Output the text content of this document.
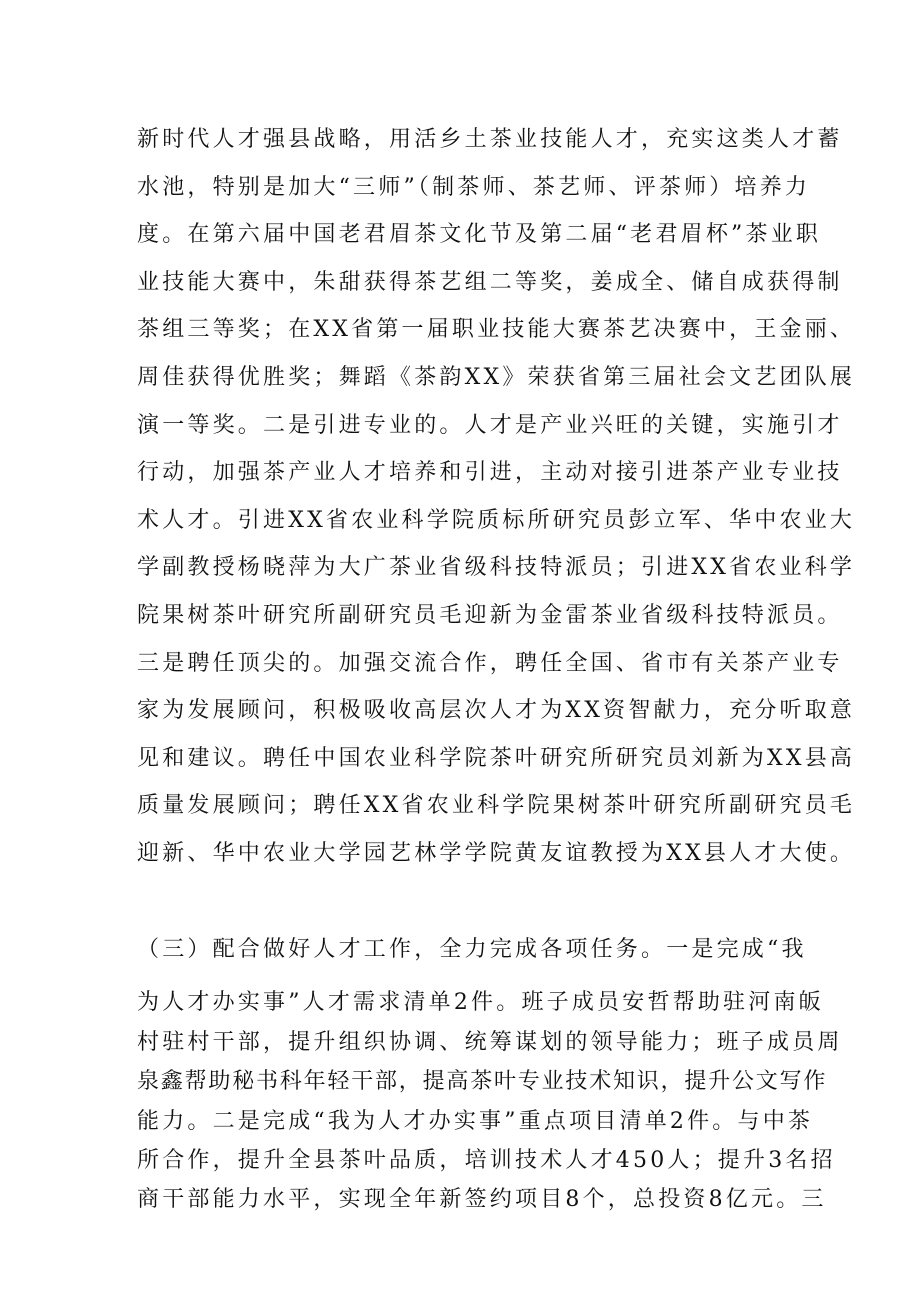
新时代人才强县战略，用活乡土茶业技能人才，充实这类人才蓄
水池，特别是加大“三师”（制茶师、茶艺师、评茶师）培养力
度。在第六届中国老君眉茶文化节及第二届“老君眉杯”茶业职
业技能大赛中，朱甜获得茶艺组二等奖，姜成全、储自成获得制
茶组三等奖；在XX省第一届职业技能大赛茶艺决赛中，王金丽、
周佳获得优胜奖；舞蹈《茶韵XX》荣获省第三届社会文艺团队展
演一等奖。二是引进专业的。人才是产业兴旺的关键，实施引才
行动，加强茶产业人才培养和引进，主动对接引进茶产业专业技
术人才。引进XX省农业科学院质标所研究员彭立军、华中农业大
学副教授杨晓萍为大广茶业省级科技特派员；引进XX省农业科学
院果树茶叶研究所副研究员毛迎新为金雷茶业省级科技特派员。
三是聘任顶尖的。加强交流合作，聘任全国、省市有关茶产业专
家为发展顾问，积极吸收高层次人才为XX资智献力，充分听取意
见和建议。聘任中国农业科学院茶叶研究所研究员刘新为XX县高
质量发展顾问；聘任XX省农业科学院果树茶叶研究所副研究员毛
迎新、华中农业大学园艺林学学院黄友谊教授为XX县人才大使。
（三）配合做好人才工作，全力完成各项任务。一是完成“我
为人才办实事”人才需求清单2件。班子成员安哲帮助驻河南皈
村驻村干部，提升组织协调、统筹谋划的领导能力；班子成员周
泉鑫帮助秘书科年轻干部，提高茶叶专业技术知识，提升公文写作
能力。二是完成“我为人才办实事”重点项目清单2件。与中茶
所合作，提升全县茶叶品质，培训技术人才450人；提升3名招
商干部能力水平，实现全年新签约项目8个，总投资8亿元。三
